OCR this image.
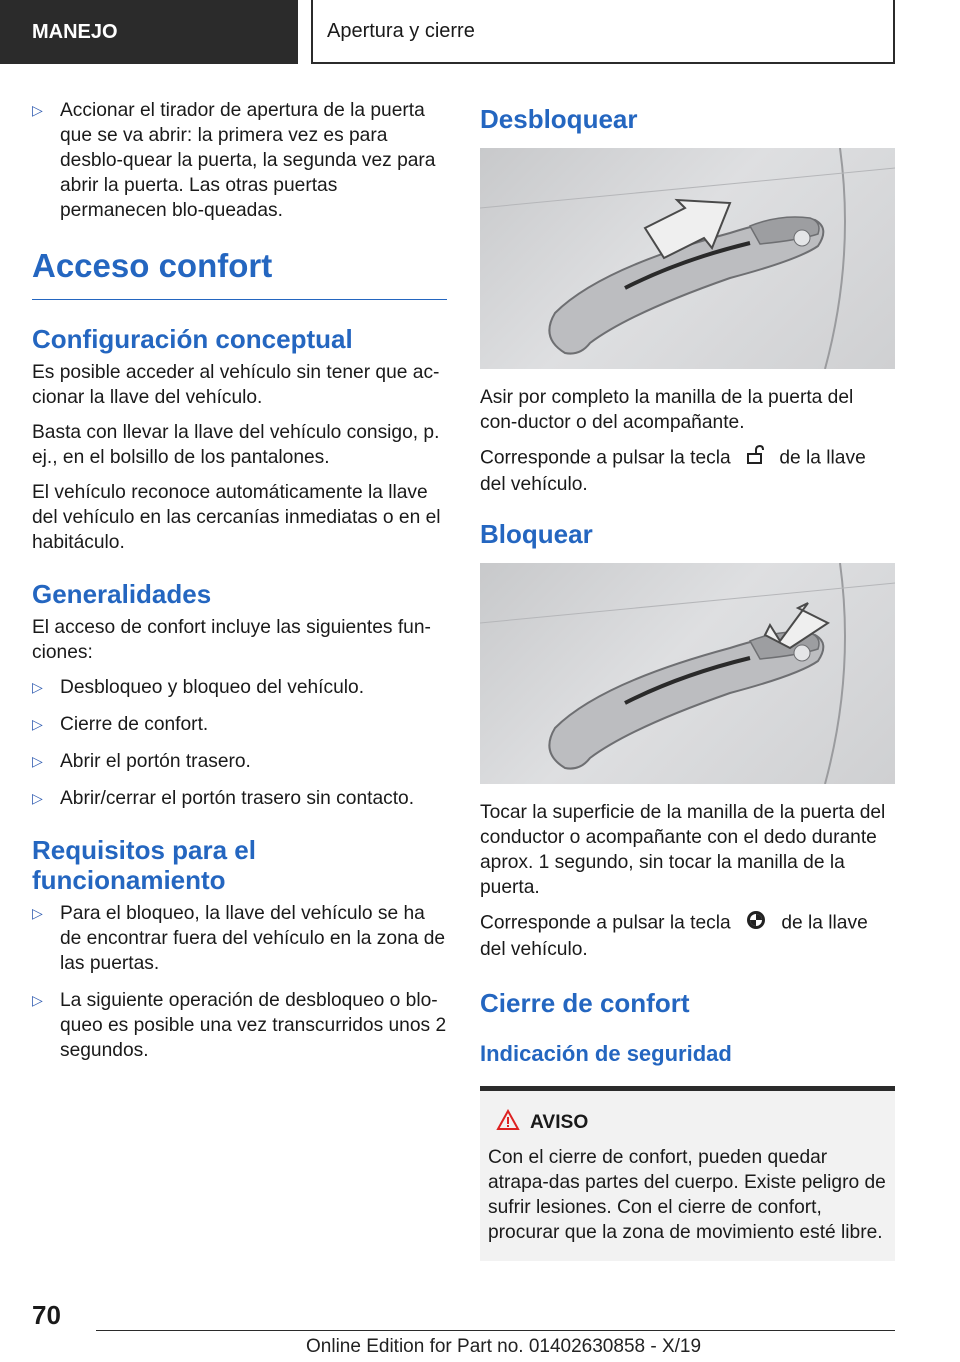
MANEJO	Apertura y cierre
▷ Accionar el tirador de apertura de la puerta que se va abrir: la primera vez es para desblo-quear la puerta, la segunda vez para abrir la puerta. Las otras puertas permanecen blo-queadas.
Acceso confort
Configuración conceptual

Es posible acceder al vehículo sin tener que ac-cionar la llave del vehículo.

Basta con llevar la llave del vehículo consigo, p. ej., en el bolsillo de los pantalones.

El vehículo reconoce automáticamente la llave del vehículo en las cercanías inmediatas o en el habitáculo.

Generalidades

El acceso de confort incluye las siguientes fun-ciones:

▷ Desbloqueo y bloqueo del vehículo.
▷ Cierre de confort.
▷ Abrir el portón trasero.
▷ Abrir/cerrar el portón trasero sin contacto.
Requisitos para el funcionamiento
▷ Para el bloqueo, la llave del vehículo se ha de encontrar fuera del vehículo en la zona de las puertas.
▷ La siguiente operación de desbloqueo o blo-queo es posible una vez transcurridos unos 2 segundos.
Desbloquear

Asir por completo la manilla de la puerta del con-ductor o del acompañante.

Corresponde a pulsar la tecla	de la llave del vehículo.

Bloquear

Tocar la superficie de la manilla de la puerta del conductor o acompañante con el dedo durante aprox. 1 segundo, sin tocar la manilla de la puerta.

Corresponde a pulsar la tecla	de la llave del vehículo.

Cierre de confort
Indicación de seguridad
AVISO

Con el cierre de confort, pueden quedar atrapa-das partes del cuerpo. Existe peligro de sufrir lesiones. Con el cierre de confort, procurar que la zona de movimiento esté libre.

70
Online Edition for Part no. 01402630858 - X/19
